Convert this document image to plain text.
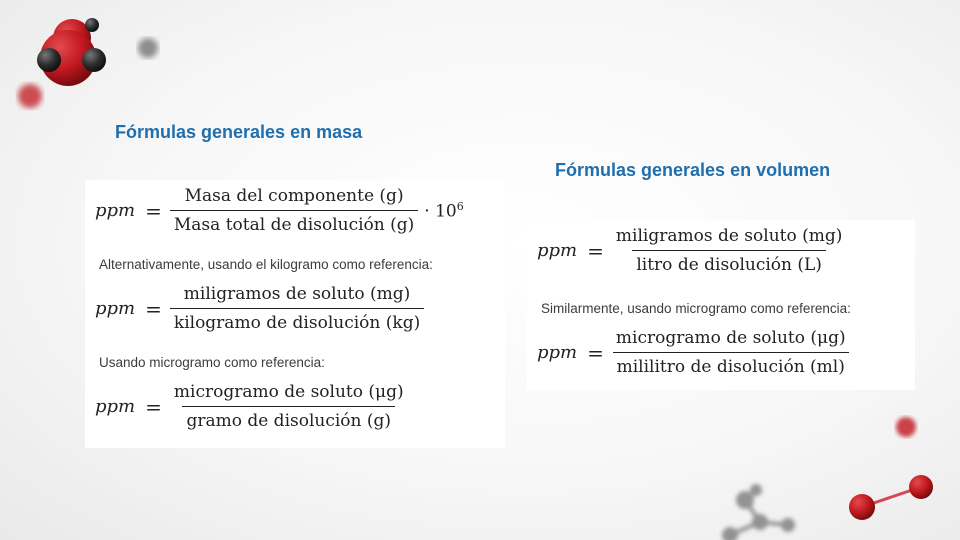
Fórmulas generales en masa
ppm = $\frac{\text{Masa del componente (g)}}{\text{Masa total de disolución (g)}} \cdot 10^6$
Alternativamente, usando el kilogramo como referencia:
ppm = $\frac{\text{miligramos de soluto (mg)}}{\text{kilogramo de disolución (kg)}}$
Usando microgramo como referencia:
ppm = $\frac{\text{microgramo de soluto (μg)}}{\text{gramo de disolución (g)}}$
Fórmulas generales en volumen
ppm = $\frac{\text{miligramos de soluto (mg)}}{\text{litro de disolución (L)}}$
Similarmente, usando microgramo como referencia:
ppm = $\frac{\text{microgramo de soluto (μg)}}{\text{mililitro de disolución (ml)}}$
